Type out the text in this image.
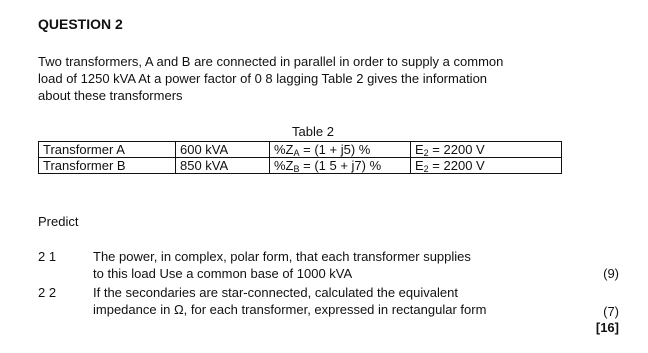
QUESTION 2
Two transformers, A and B are connected in parallel in order to supply a common
load of 1250 kVA At a power factor of 0 8 lagging Table 2 gives the information
about these transformers
Table 2
Transformer A	600 kVA	$\%Z_A = (1 + j5)$ %	$E_2 = 2200$ V
Transformer B	850 kVA	$\%Z_B = (1$ 5 + j7) %	$E_2 = 2200$ V
Predict
2 1	The power, in complex, polar form, that each transformer supplies
to this load Use a common base of 1000 kVA	(9)
2 2	If the secondaries are star-connected, calculated the equivalent
impedance in Ω, for each transformer, expressed in rectangular form	(7)
[16]
